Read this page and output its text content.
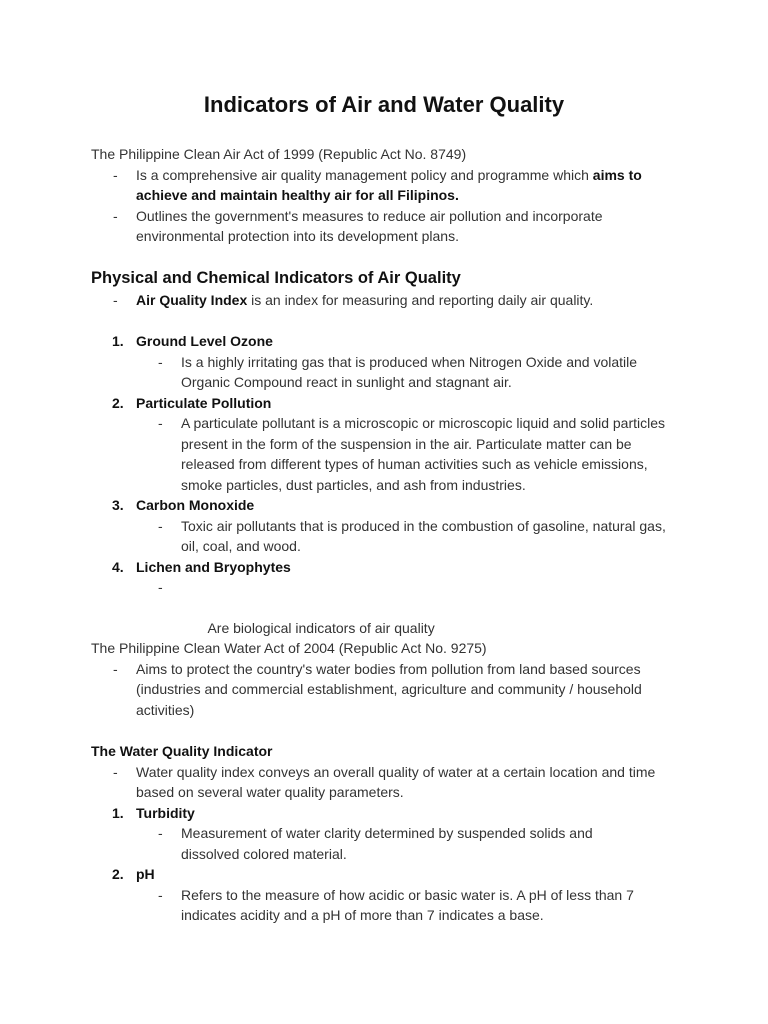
Indicators of Air and Water Quality
The Philippine Clean Air Act of 1999 (Republic Act No. 8749)
- Is a comprehensive air quality management policy and programme which aims to achieve and maintain healthy air for all Filipinos.
- Outlines the government's measures to reduce air pollution and incorporate environmental protection into its development plans.
Physical and Chemical Indicators of Air Quality
- Air Quality Index is an index for measuring and reporting daily air quality.
1. Ground Level Ozone
- Is a highly irritating gas that is produced when Nitrogen Oxide and volatile Organic Compound react in sunlight and stagnant air.
2. Particulate Pollution
- A particulate pollutant is a microscopic or microscopic liquid and solid particles present in the form of the suspension in the air. Particulate matter can be released from different types of human activities such as vehicle emissions, smoke particles, dust particles, and ash from industries.
3. Carbon Monoxide
- Toxic air pollutants that is produced in the combustion of gasoline, natural gas, oil, coal, and wood.
4. Lichen and Bryophytes

-

Are biological indicators of air quality

The Philippine Clean Water Act of 2004 (Republic Act No. 9275)
- Aims to protect the country's water bodies from pollution from land based sources (industries and commercial establishment, agriculture and community / household activities)
The Water Quality Indicator
- Water quality index conveys an overall quality of water at a certain location and time based on several water quality parameters.
1. Turbidity
- Measurement of water clarity determined by suspended solids and dissolved colored material.
2. pH
- Refers to the measure of how acidic or basic water is. A pH of less than 7 indicates acidity and a pH of more than 7 indicates a base.
